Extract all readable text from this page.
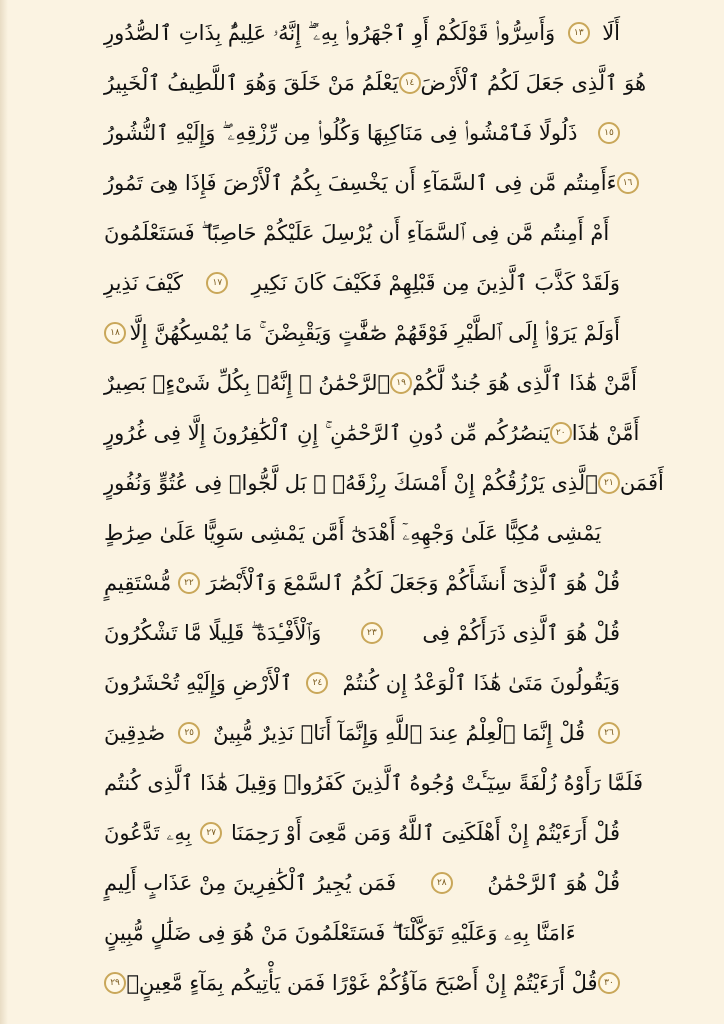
وَأَسِرُّوا۟ قَوْلَكُمْ أَوِ ٱجْهَرُوا۟ بِهِۦٓ ۖ إِنَّهُۥ عَلِيمٌۢ بِذَاتِ ٱلصُّدُورِ	١٣ أَلَا
يَعْلَمُ مَنْ خَلَقَ وَهُوَ ٱللَّطِيفُ ٱلْخَبِيرُ ١٤ هُوَ ٱلَّذِى جَعَلَ لَكُمُ ٱلْأَرْضَ
ذَلُولًا فَٱمْشُوا۟ فِى مَنَاكِبِهَا وَكُلُوا۟ مِن رِّزْقِهِۦ ۖ وَإِلَيْهِ ٱلنُّشُورُ	١٥
ءَأَمِنتُم مَّن فِى ٱلسَّمَآءِ أَن يَخْسِفَ بِكُمُ ٱلْأَرْضَ فَإِذَا هِىَ تَمُورُ ١٦
أَمْ أَمِنتُم مَّن فِى ٱلسَّمَآءِ أَن يُرْسِلَ عَلَيْكُمْ حَاصِبًا ۖ فَسَتَعْلَمُونَ
كَيْفَ نَذِيرِ	١٧ وَلَقَدْ كَذَّبَ ٱلَّذِينَ مِن قَبْلِهِمْ فَكَيْفَ كَانَ نَكِيرِ
١٨ أَوَلَمْ يَرَوْا۟ إِلَى ٱلطَّيْرِ فَوْقَهُمْ صَٰٓفَّٰتٍ وَيَقْبِضْنَ ۚ مَا يُمْسِكُهُنَّ إِلَّا
ٱلرَّحْمَٰنُ ۚ إِنَّهُۥ بِكُلِّ شَىْءٍۭ بَصِيرٌ ١٩ أَمَّنْ هَٰذَا ٱلَّذِى هُوَ جُندٌ لَّكُمْ
يَنصُرُكُم مِّن دُونِ ٱلرَّحْمَٰنِ ۚ إِنِ ٱلْكَٰفِرُونَ إِلَّا فِى غُرُورٍ ٢٠ أَمَّنْ هَٰذَا
ٱلَّذِى يَرْزُقُكُمْ إِنْ أَمْسَكَ رِزْقَهُۥ ۚ بَل لَّجُّوا۟ فِى عُتُوٍّ وَنُفُورٍ ٢١ أَفَمَن
يَمْشِى مُكِبًّا عَلَىٰ وَجْهِهِۦٓ أَهْدَىٰٓ أَمَّن يَمْشِى سَوِيًّا عَلَىٰ صِرَٰطٍ
مُّسْتَقِيمٍ	٢٢ قُلْ هُوَ ٱلَّذِىٓ أَنشَأَكُمْ وَجَعَلَ لَكُمُ ٱلسَّمْعَ وَٱلْأَبْصَٰرَ
وَٱلْأَفْـِٔدَةَ ۖ قَلِيلًا مَّا تَشْكُرُونَ	٢٣ قُلْ هُوَ ٱلَّذِى ذَرَأَكُمْ فِى
ٱلْأَرْضِ وَإِلَيْهِ تُحْشَرُونَ	٢٤ وَيَقُولُونَ مَتَىٰ هَٰذَا ٱلْوَعْدُ إِن كُنتُمْ
صَٰدِقِينَ	٢٥ قُلْ إِنَّمَا ٱلْعِلْمُ عِندَ ٱللَّهِ وَإِنَّمَآ أَنَا۠ نَذِيرٌ مُّبِينٌ	٢٦
فَلَمَّا رَأَوْهُ زُلْفَةً سِيٓـَٔتْ وُجُوهُ ٱلَّذِينَ كَفَرُوا۟ وَقِيلَ هَٰذَا ٱلَّذِى كُنتُم
بِهِۦ تَدَّعُونَ	٢٧ قُلْ أَرَءَيْتُمْ إِنْ أَهْلَكَنِىَ ٱللَّهُ وَمَن مَّعِىَ أَوْ رَحِمَنَا
فَمَن يُجِيرُ ٱلْكَٰفِرِينَ مِنْ عَذَابٍ أَلِيمٍ	٢٨ قُلْ هُوَ ٱلرَّحْمَٰنُ
ءَامَنَّا بِهِۦ وَعَلَيْهِ تَوَكَّلْنَا ۖ فَسَتَعْلَمُونَ مَنْ هُوَ فِى ضَلَٰلٍ مُّبِينٍ
٢٩ قُلْ أَرَءَيْتُمْ إِنْ أَصْبَحَ مَآؤُكُمْ غَوْرًا فَمَن يَأْتِيكُم بِمَآءٍ مَّعِينٍۭ ٣٠
